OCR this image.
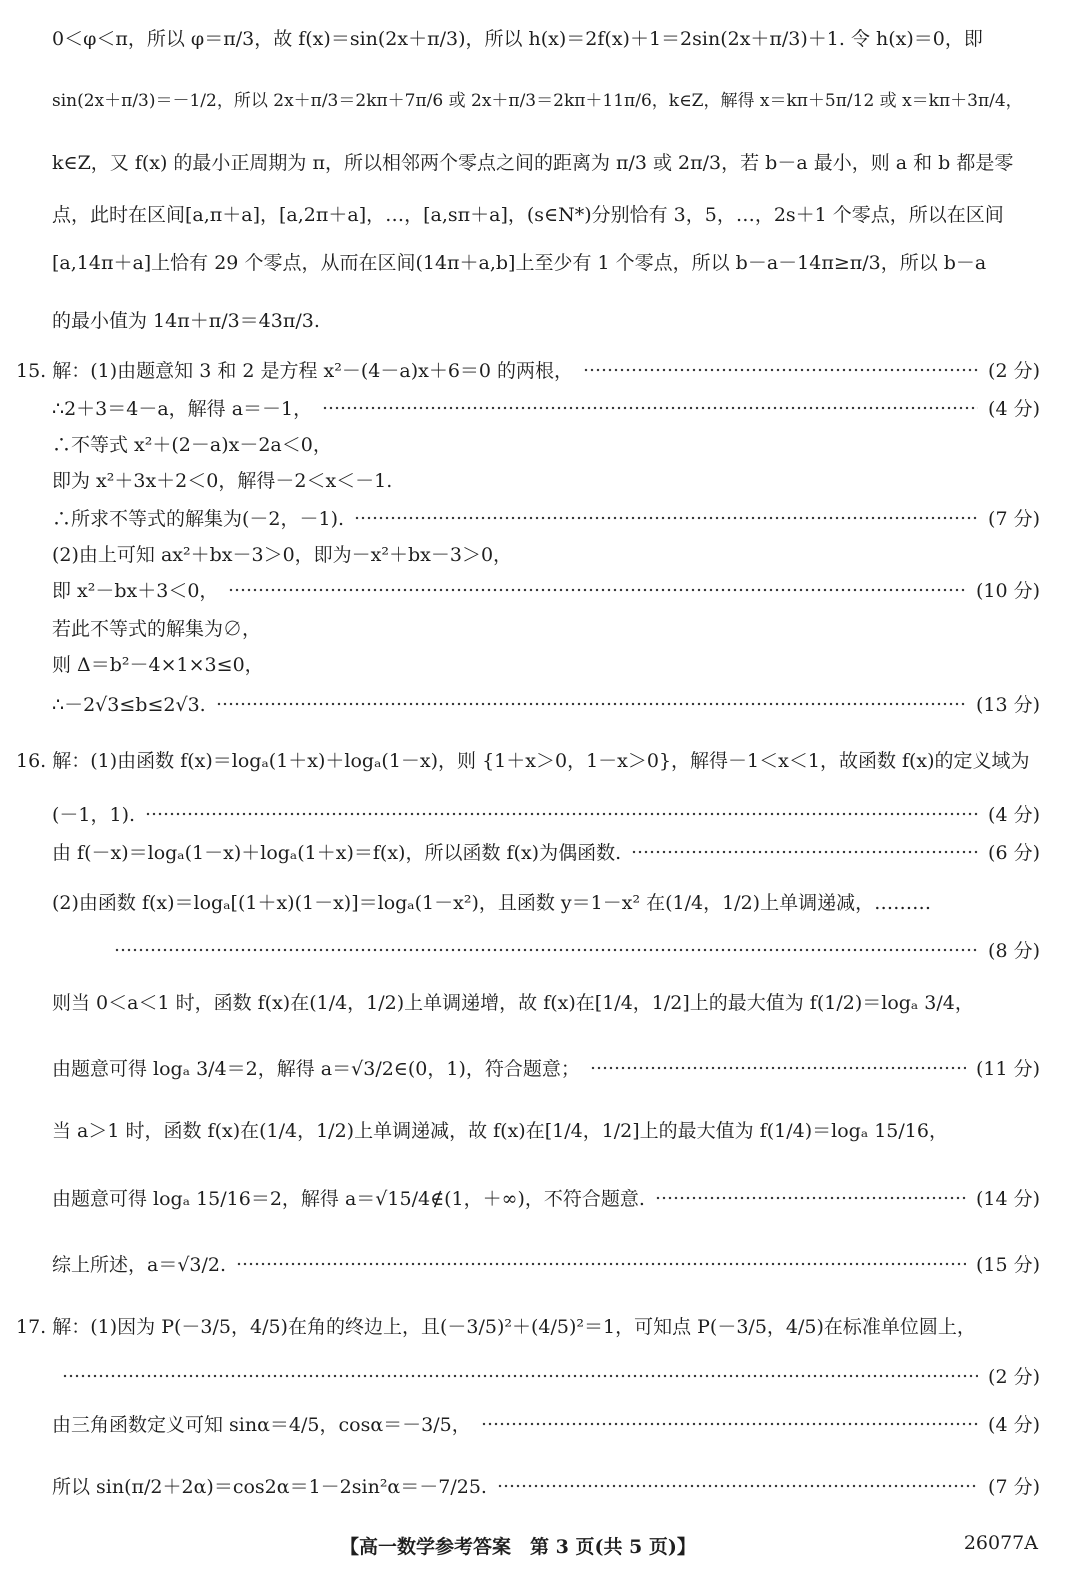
0＜φ＜π，所以 φ＝π/3，故 f(x)＝sin(2x＋π/3)，所以 h(x)＝2f(x)＋1＝2sin(2x＋π/3)＋1. 令 h(x)＝0，即
sin(2x＋π/3)＝－1/2，所以 2x＋π/3＝2kπ＋7π/6 或 2x＋π/3＝2kπ＋11π/6，k∈Z，解得 x＝kπ＋5π/12 或 x＝kπ＋3π/4，
k∈Z，又 f(x) 的最小正周期为 π，所以相邻两个零点之间的距离为 π/3 或 2π/3，若 b－a 最小，则 a 和 b 都是零
点，此时在区间[a,π＋a]，[a,2π＋a]，…，[a,sπ＋a]，(s∈N*)分别恰有 3，5，…，2s＋1 个零点，所以在区间
[a,14π＋a]上恰有 29 个零点，从而在区间(14π＋a,b]上至少有 1 个零点，所以 b－a－14π≥π/3，所以 b－a
的最小值为 14π＋π/3＝43π/3.
15. 解：(1)由题意知 3 和 2 是方程 x²－(4－a)x＋6＝0 的两根，	(2 分)
∴2＋3＝4－a，解得 a＝－1，	(4 分)
∴不等式 x²＋(2－a)x－2a＜0，
即为 x²＋3x＋2＜0，解得－2＜x＜－1.
∴所求不等式的解集为(－2，－1).	(7 分)
(2)由上可知 ax²＋bx－3＞0，即为－x²＋bx－3＞0，
即 x²－bx＋3＜0，	(10 分)
若此不等式的解集为∅，
则 Δ＝b²－4×1×3≤0，
∴－2√3≤b≤2√3.	(13 分)
16. 解：(1)由函数 f(x)＝logₐ(1＋x)＋logₐ(1－x)，则 {1＋x＞0，1－x＞0}，解得－1＜x＜1，故函数 f(x)的定义域为
(－1，1).	(4 分)
由 f(－x)＝logₐ(1－x)＋logₐ(1＋x)＝f(x)，所以函数 f(x)为偶函数.	(6 分)
(2)由函数 f(x)＝logₐ[(1＋x)(1－x)]＝logₐ(1－x²)，且函数 y＝1－x² 在(1/4，1/2)上单调递减，………
(8 分)
则当 0＜a＜1 时，函数 f(x)在(1/4，1/2)上单调递增，故 f(x)在[1/4，1/2]上的最大值为 f(1/2)＝logₐ 3/4，
由题意可得 logₐ 3/4＝2，解得 a＝√3/2∈(0，1)，符合题意；	(11 分)
当 a＞1 时，函数 f(x)在(1/4，1/2)上单调递减，故 f(x)在[1/4，1/2]上的最大值为 f(1/4)＝logₐ 15/16，
由题意可得 logₐ 15/16＝2，解得 a＝√15/4∉(1，＋∞)，不符合题意.	(14 分)
综上所述，a＝√3/2.	(15 分)
17. 解：(1)因为 P(－3/5，4/5)在角的终边上，且(－3/5)²＋(4/5)²＝1，可知点 P(－3/5，4/5)在标准单位圆上，
(2 分)
由三角函数定义可知 sinα＝4/5，cosα＝－3/5，	(4 分)
所以 sin(π/2＋2α)＝cos2α＝1－2sin²α＝－7/25.	(7 分)
【高一数学参考答案　第 3 页(共 5 页)】	26077A
